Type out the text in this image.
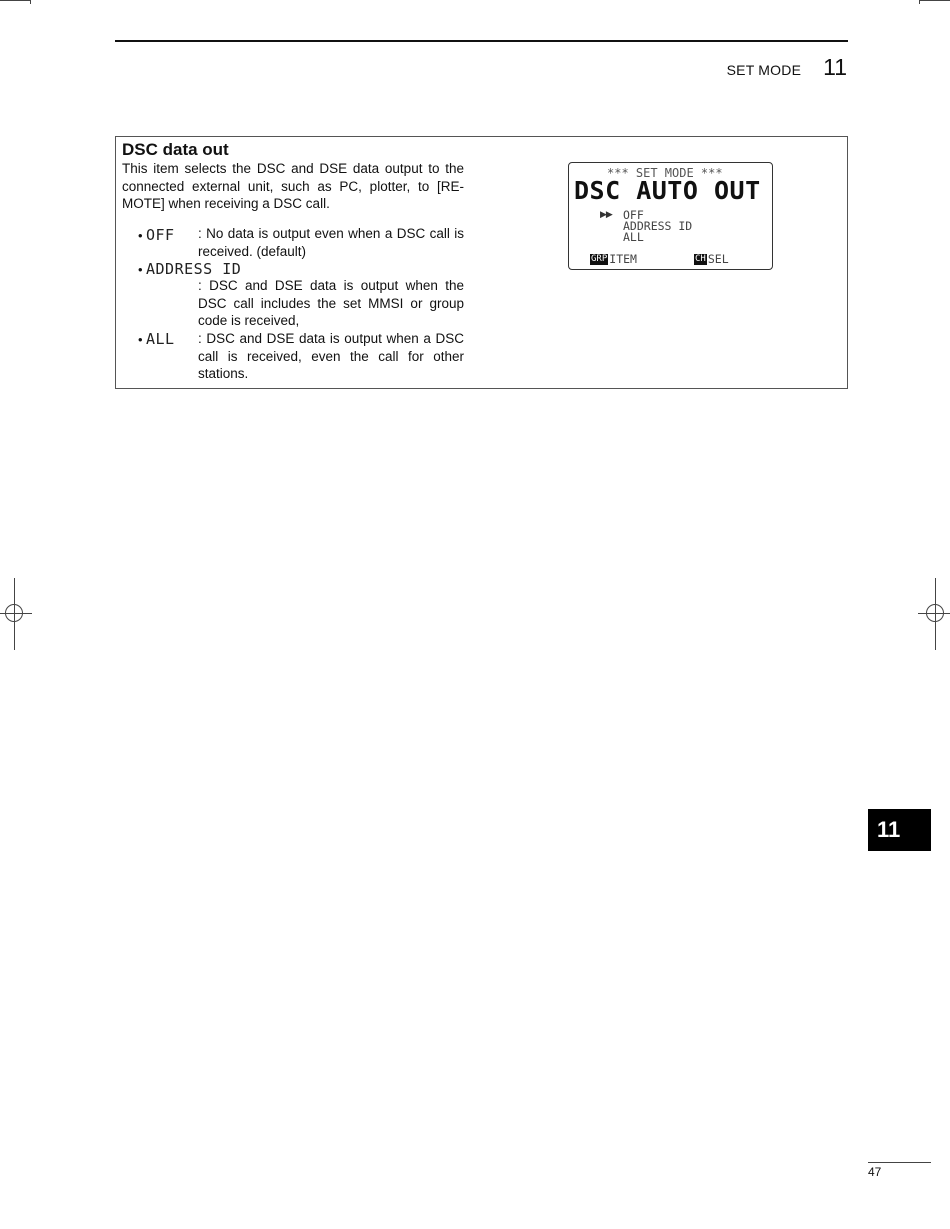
SET MODE 11
DSC data out
This item selects the DSC and DSE data output to the connected external unit, such as PC, plotter, to [RE-MOTE] when receiving a DSC call.
• OFF : No data is output even when a DSC call is received. (default)
• ADDRESS ID
: DSC and DSE data is output when the DSC call includes the set MMSI or group code is received,
• ALL : DSC and DSE data is output when a DSC call is received, even the call for other stations.
*** SET MODE ***
DSC AUTO OUT
▶▶ OFF
ADDRESS ID
ALL
GRP ITEM	CH SEL
11
47
